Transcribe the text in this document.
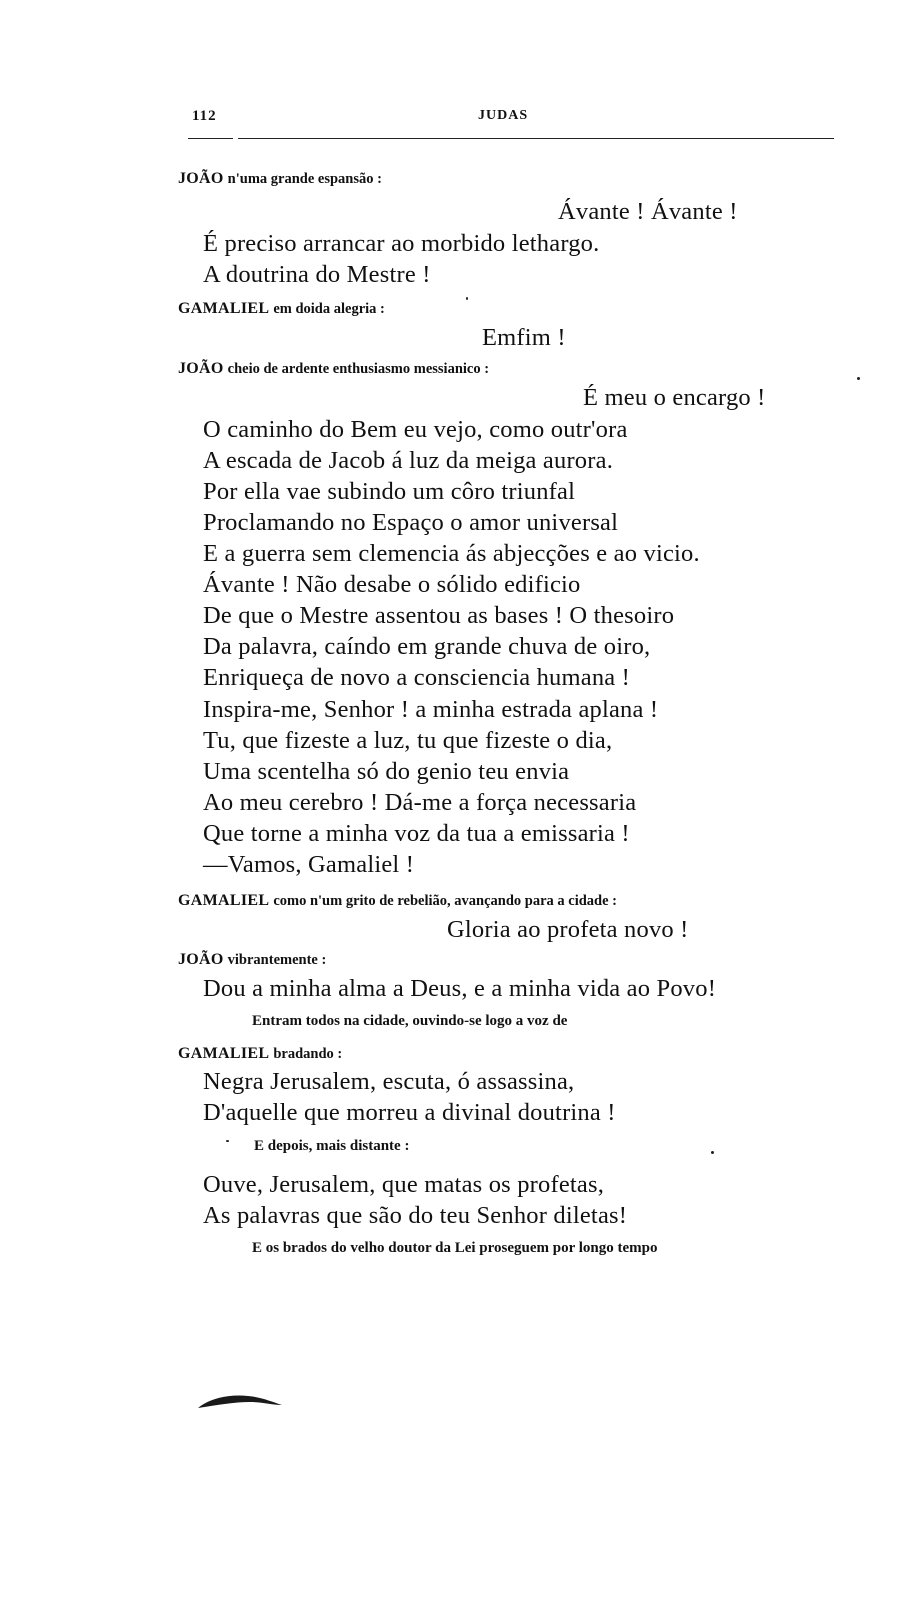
112	JUDAS
JOÃO n'uma grande espansão :
Ávante ! Ávante !
É preciso arrancar ao morbido lethargo.
A doutrina do Mestre !
GAMALIEL em doida alegria :
Emfim !
JOÃO cheio de ardente enthusiasmo messianico :
É meu o encargo !
O caminho do Bem eu vejo, como outr'ora
A escada de Jacob á luz da meiga aurora.
Por ella vae subindo um côro triunfal
Proclamando no Espaço o amor universal
E a guerra sem clemencia ás abjecções e ao vicio.
Ávante ! Não desabe o sólido edificio
De que o Mestre assentou as bases ! O thesoiro
Da palavra, caíndo em grande chuva de oiro,
Enriqueça de novo a consciencia humana !
Inspira-me, Senhor ! a minha estrada aplana !
Tu, que fizeste a luz, tu que fizeste o dia,
Uma scentelha só do genio teu envia
Ao meu cerebro ! Dá-me a força necessaria
Que torne a minha voz da tua a emissaria !
—Vamos, Gamaliel !
GAMALIEL como n'um grito de rebelião, avançando para a cidade :
Gloria ao profeta novo !
JOÃO vibrantemente :
Dou a minha alma a Deus, e a minha vida ao Povo!
Entram todos na cidade, ouvindo-se logo a voz de
GAMALIEL bradando :
Negra Jerusalem, escuta, ó assassina,
D'aquelle que morreu a divinal doutrina !
E depois, mais distante :
Ouve, Jerusalem, que matas os profetas,
As palavras que são do teu Senhor diletas!
E os brados do velho doutor da Lei proseguem por longo tempo
